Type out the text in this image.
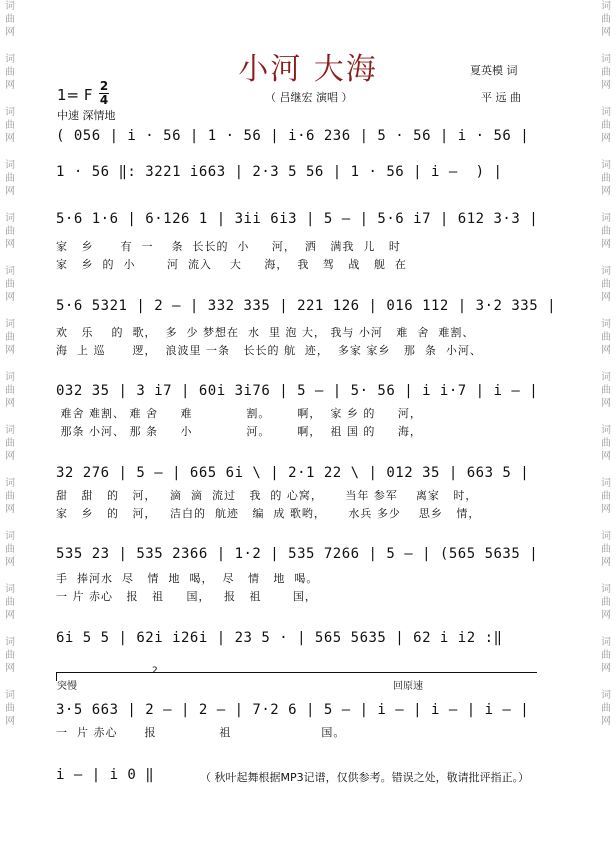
词
曲
网
词
曲
网
词
曲
网
词
曲
网
词
曲
网
词
曲
网
词
曲
网
词
曲
网
词
曲
网
词
曲
网
词
曲
网
词
曲
网
词
曲
网
词
曲
网
词
曲
网
词
曲
网
词
曲
网
词
曲
网
词
曲
网
词
曲
网
词
曲
网
词
曲
网
词
曲
网
词
曲
网
词
曲
网
词
曲
网
词
曲
网
词
曲
网
小河 大海	夏英模 词
平 远 曲
（ 吕继宏 演唱 ）
1= F 2
4
中速 深情地
( 056 | i · 56 | 1 · 56 | i·6 236 | 5 · 56 | i · 56 |
1 · 56 ‖: 3221 i663 | 2·3 5 56 | 1 · 56 | i –  ) |
5·6 1·6 | 6·126 1 | 3ii 6i3 | 5 – | 5·6 i7 | 612 3·3 |
家   乡      有  一    条  长长的  小     河，  洒   满我  儿   时
家   乡  的  小       河  流入    大     海，  我   驾   战   舰  在
5·6 5321 | 2 – | 332 335 | 221 126 | 016 112 | 3·2 335 |
欢   乐    的  歌，  多  少 梦想在  水  里 泡 大， 我与 小河   难  舍  难割、
海  上 巡      逻，  浪波里 一条   长长的 航  迹，  多家 家乡   那  条  小河、
032 35 | 3 i7 | 60i 3i76 | 5 – | 5· 56 | i i·7 | i – |
难舍 难割、 难 舍     难            割。      啊，  家 乡 的     河，
那条 小河、 那 条     小            河。      啊，  祖 国 的     海，
32 276 | 5 – | 665 6i \ | 2·1 22 \ | 012 35 | 663 5 |
甜   甜   的   河，   滴  滴  流过   我  的 心窝，     当年 参军    离家   时，
家   乡   的   河，   洁白的  航迹   编  成 歌哟，     水兵 多少    思乡   情，
535 23 | 535 2366 | 1·2 | 535 7266 | 5 – | (565 5635 |
手  捧河水  尽   情  地  喝，  尽   情   地  喝。
一 片 赤心   报   祖     国，   报   祖       国，
6i 5 5 | 62i i26i | 23 5 · | 565 5635 | 62 i i2 :‖
2
突慢	回原速
3·5 663 | 2 – | 2 – | 7·2 6 | 5 – | i – | i – | i – |
一  片 赤心      报              祖                    国。
i – | i 0 ‖	（ 秋叶起舞根据MP3记谱，仅供参考。错误之处，敬请批评指正。）
